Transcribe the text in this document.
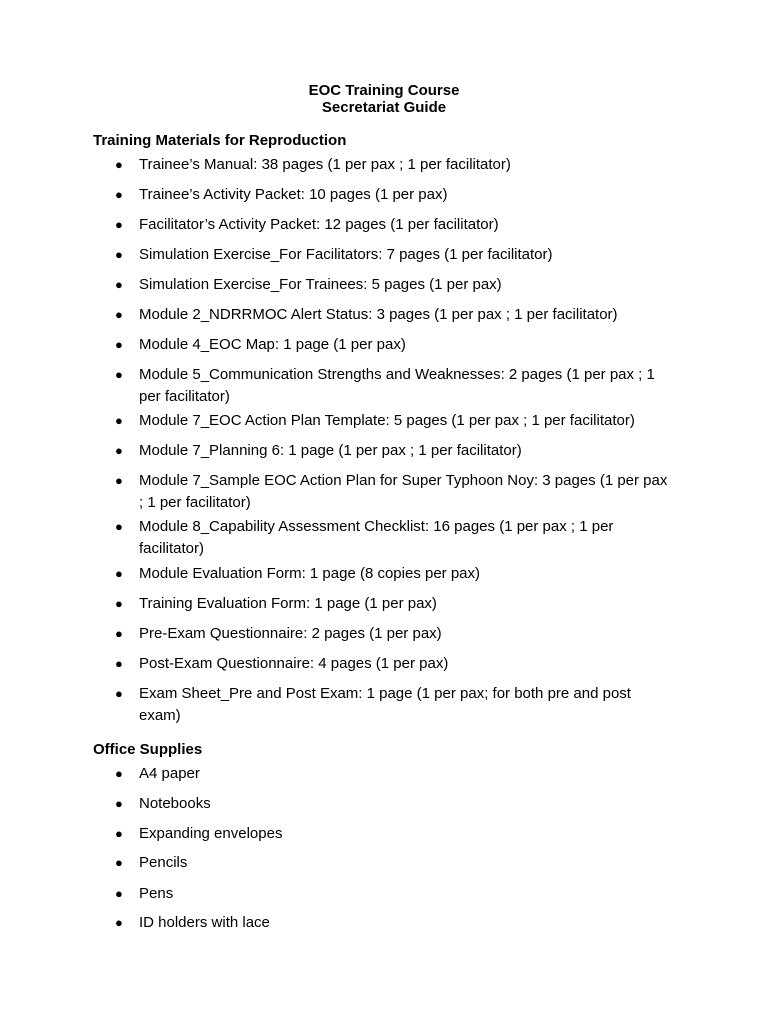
EOC Training Course
Secretariat Guide
Training Materials for Reproduction
● Trainee’s Manual: 38 pages (1 per pax ; 1 per facilitator)
● Trainee’s Activity Packet: 10 pages (1 per pax)
● Facilitator’s Activity Packet: 12 pages (1 per facilitator)
● Simulation Exercise_For Facilitators: 7 pages (1 per facilitator)
● Simulation Exercise_For Trainees: 5 pages (1 per pax)
● Module 2_NDRRMOC Alert Status: 3 pages (1 per pax ; 1 per facilitator)
● Module 4_EOC Map: 1 page (1 per pax)
● Module 5_Communication Strengths and Weaknesses: 2 pages (1 per pax ; 1 per facilitator)
● Module 7_EOC Action Plan Template: 5 pages (1 per pax ; 1 per facilitator)
● Module 7_Planning 6: 1 page (1 per pax ; 1 per facilitator)
● Module 7_Sample EOC Action Plan for Super Typhoon Noy: 3 pages (1 per pax ; 1 per facilitator)
● Module 8_Capability Assessment Checklist: 16 pages (1 per pax ; 1 per facilitator)
● Module Evaluation Form: 1 page (8 copies per pax)
● Training Evaluation Form: 1 page (1 per pax)
● Pre-Exam Questionnaire: 2 pages (1 per pax)
● Post-Exam Questionnaire: 4 pages (1 per pax)
● Exam Sheet_Pre and Post Exam: 1 page (1 per pax; for both pre and post exam)
Office Supplies
● A4 paper
● Notebooks
● Expanding envelopes
● Pencils
● Pens
● ID holders with lace
